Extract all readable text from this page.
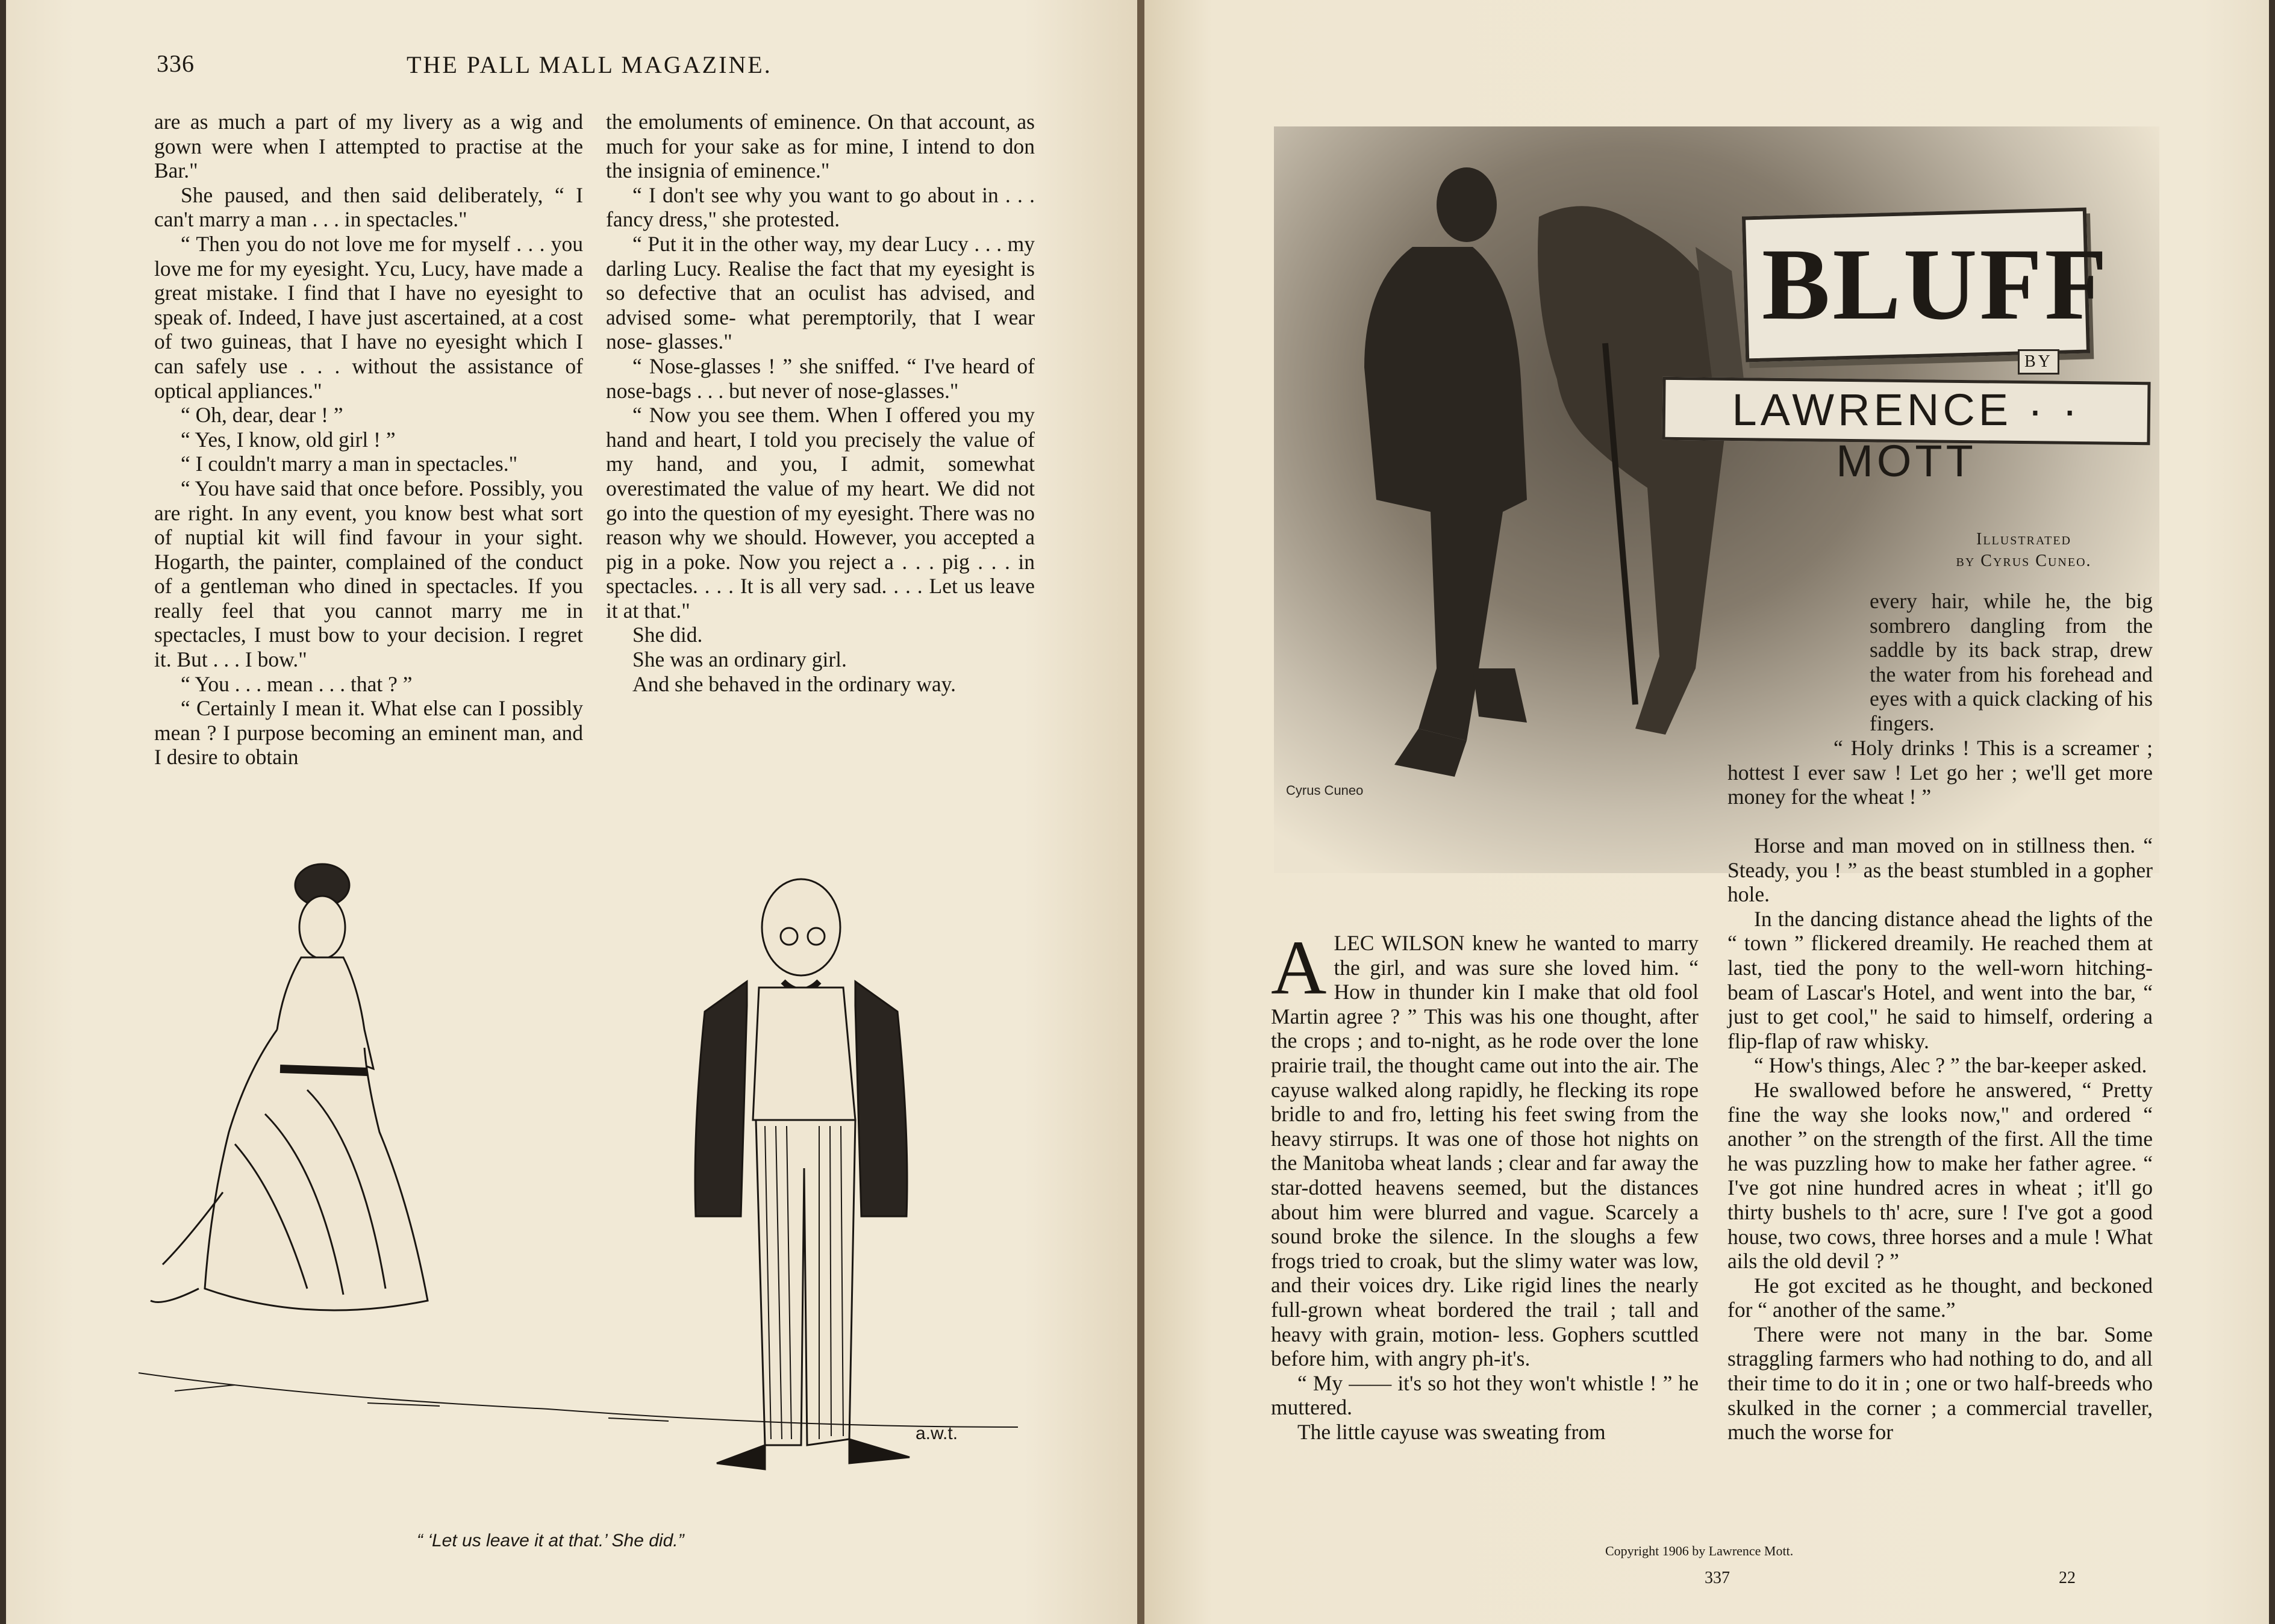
336	THE PALL MALL MAGAZINE.

are as much a part of my livery as a wig and gown were when I attempted to practise at the Bar."

She paused, and then said deliberately, “ I can't marry a man . . . in spectacles."

“ Then you do not love me for myself . . . you love me for my eyesight. Ycu, Lucy, have made a great mistake. I find that I have no eyesight to speak of. Indeed, I have just ascertained, at a cost of two guineas, that I have no eyesight which I can safely use . . . without the assistance of optical appliances."

“ Oh, dear, dear ! ”

“ Yes, I know, old girl ! ”

“ I couldn't marry a man in spectacles."

“ You have said that once before. Possibly, you are right. In any event, you know best what sort of nuptial kit will find favour in your sight. Hogarth, the painter, complained of the conduct of a gentleman who dined in spectacles. If you really feel that you cannot marry me in spectacles, I must bow to your decision. I regret it. But . . . I bow."

“ You . . . mean . . . that ? ”

“ Certainly I mean it. What else can I possibly mean ? I purpose becoming an eminent man, and I desire to obtain

the emoluments of eminence. On that account, as much for your sake as for mine, I intend to don the insignia of eminence."

“ I don't see why you want to go about in . . . fancy dress," she protested.

“ Put it in the other way, my dear Lucy . . . my darling Lucy. Realise the fact that my eyesight is so defective that an oculist has advised, and advised some- what peremptorily, that I wear nose- glasses."

“ Nose-glasses ! ” she sniffed. “ I've heard of nose-bags . . . but never of nose-glasses."

“ Now you see them. When I offered you my hand and heart, I told you precisely the value of my hand, and you, I admit, somewhat overestimated the value of my heart. We did not go into the question of my eyesight. There was no reason why we should. However, you accepted a pig in a poke. Now you reject a . . . pig . . . in spectacles. . . . It is all very sad. . . . Let us leave it at that."

She did.

She was an ordinary girl.

And she behaved in the ordinary way.

a.w.t.
“ ‘Let us leave it at that.’ She did.”
Cyrus Cuneo
BLUFF
BY
LAWRENCE · · MOTT
Illustrated
by Cyrus Cuneo.

every hair, while he, the big sombrero dangling from the saddle by its back strap, drew the water from his forehead and eyes with a quick clacking of his fingers.

“ Holy drinks ! This is a screamer ; hottest I ever saw ! Let go her ; we'll get more money for the wheat ! ”

ALEC WILSON knew he wanted to marry the girl, and was sure she loved him. “ How in thunder kin I make that old fool Martin agree ? ” This was his one thought, after the crops ; and to-night, as he rode over the lone prairie trail, the thought came out into the air. The cayuse walked along rapidly, he flecking its rope bridle to and fro, letting his feet swing from the heavy stirrups. It was one of those hot nights on the Manitoba wheat lands ; clear and far away the star-dotted heavens seemed, but the distances about him were blurred and vague. Scarcely a sound broke the silence. In the sloughs a few frogs tried to croak, but the slimy water was low, and their voices dry. Like rigid lines the nearly full-grown wheat bordered the trail ; tall and heavy with grain, motion- less. Gophers scuttled before him, with angry ph-it's.

“ My —— it's so hot they won't whistle ! ” he muttered.

The little cayuse was sweating from

Horse and man moved on in stillness then. “ Steady, you ! ” as the beast stumbled in a gopher hole.

In the dancing distance ahead the lights of the “ town ” flickered dreamily. He reached them at last, tied the pony to the well-worn hitching-beam of Lascar's Hotel, and went into the bar, “ just to get cool," he said to himself, ordering a flip-flap of raw whisky.

“ How's things, Alec ? ” the bar-keeper asked.

He swallowed before he answered, “ Pretty fine the way she looks now," and ordered “ another ” on the strength of the first. All the time he was puzzling how to make her father agree. “ I've got nine hundred acres in wheat ; it'll go thirty bushels to th' acre, sure ! I've got a good house, two cows, three horses and a mule ! What ails the old devil ? ”

He got excited as he thought, and beckoned for “ another of the same.”

There were not many in the bar. Some straggling farmers who had nothing to do, and all their time to do it in ; one or two half-breeds who skulked in the corner ; a commercial traveller, much the worse for

Copyright 1906 by Lawrence Mott.
337	22
